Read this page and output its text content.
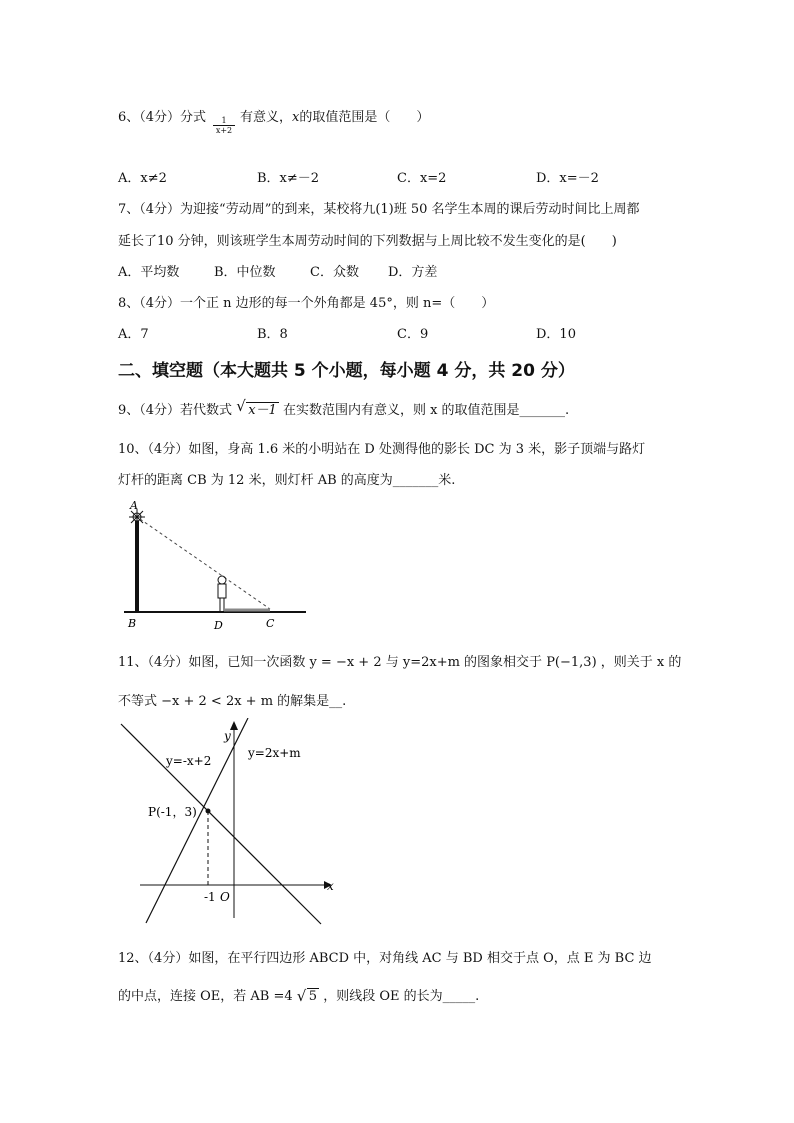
6、（4分）分式	1
x+2
有意义，x的取值范围是（　　）
A．x≠2	B．x≠－2	C．x=2	D．x=－2
7、（4分）为迎接“劳动周”的到来，某校将九(1)班 50 名学生本周的课后劳动时间比上周都
延长了10 分钟，则该班学生本周劳动时间的下列数据与上周比较不发生变化的是(　　)
A．平均数	B．中位数	C．众数 D．方差
8、（4分）一个正 n 边形的每一个外角都是 45°，则 n=（　　）
A．7	B．8	C．9	D．10
二、填空题（本大题共 5 个小题，每小题 4 分，共 20 分）
9、（4分）若代数式 √ x－1 在实数范围内有意义，则 x 的取值范围是_______.
10、（4分）如图，身高 1.6 米的小明站在 D 处测得他的影长 DC 为 3 米，影子顶端与路灯
灯杆的距离 CB 为 12 米，则灯杆 AB 的高度为_______米.
A
B	D	C
11、（4分）如图，已知一次函数 y = −x + 2 与 y=2x+m 的图象相交于 P(−1,3) ，则关于 x 的
不等式 −x + 2 < 2x + m 的解集是__.
y=-x+2
y=2x+m
P(-1，3)
y
x
O
-1
12、（4分）如图，在平行四边形 ABCD 中，对角线 AC 与 BD 相交于点 O，点 E 为 BC 边
的中点，连接 OE，若 AB =4 √ 5 ，则线段 OE 的长为_____.
